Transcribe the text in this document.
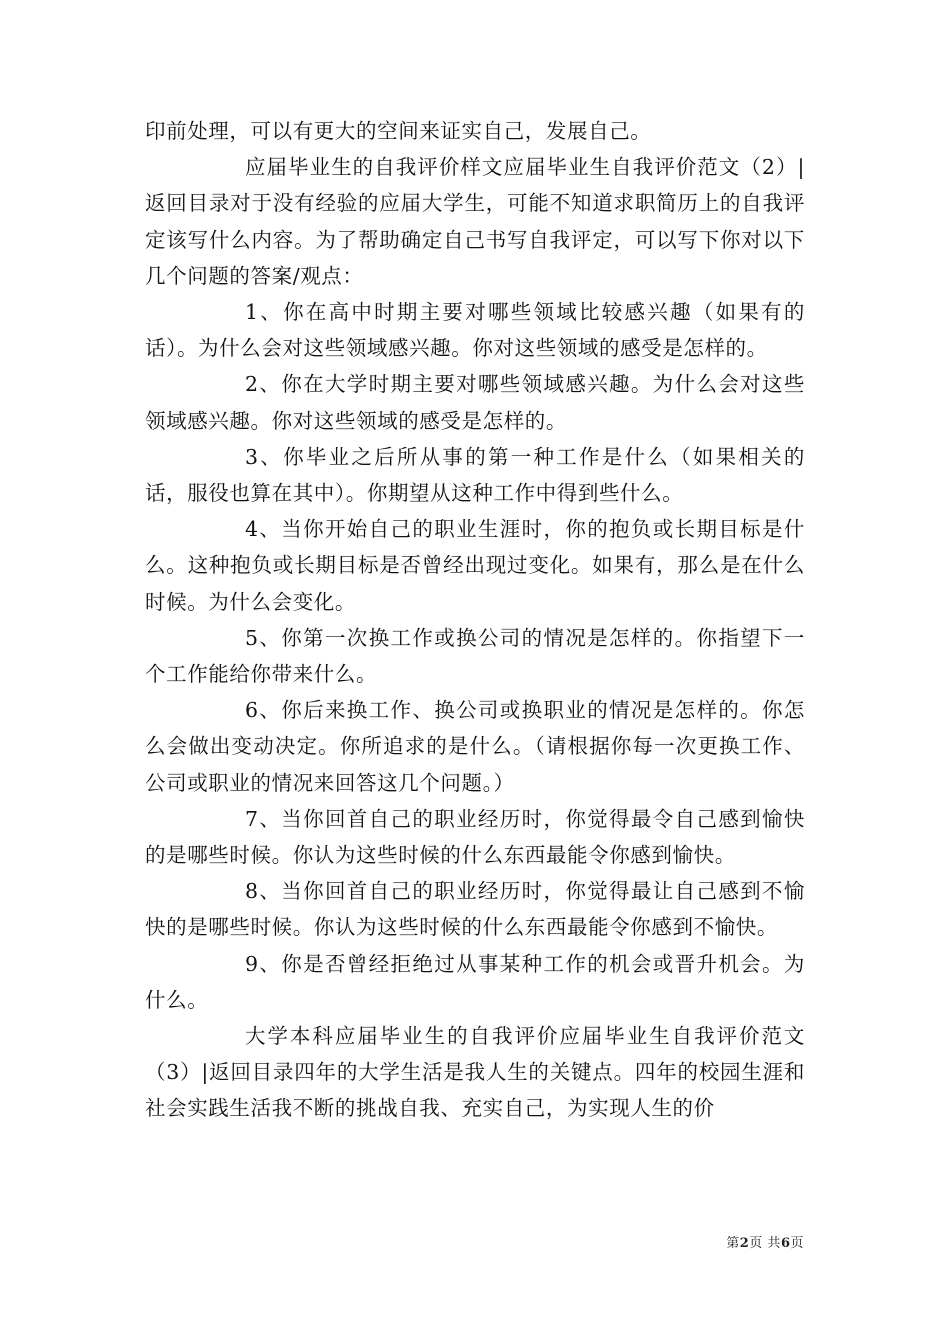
印前处理，可以有更大的空间来证实自己，发展自己。

应届毕业生的自我评价样文应届毕业生自我评价范文（2）|返回目录对于没有经验的应届大学生，可能不知道求职简历上的自我评定该写什么内容。为了帮助确定自己书写自我评定，可以写下你对以下几个问题的答案/观点：

1、你在高中时期主要对哪些领域比较感兴趣（如果有的话）。为什么会对这些领域感兴趣。你对这些领域的感受是怎样的。

2、你在大学时期主要对哪些领域感兴趣。为什么会对这些领域感兴趣。你对这些领域的感受是怎样的。

3、你毕业之后所从事的第一种工作是什么（如果相关的话，服役也算在其中）。你期望从这种工作中得到些什么。

4、当你开始自己的职业生涯时，你的抱负或长期目标是什么。这种抱负或长期目标是否曾经出现过变化。如果有，那么是在什么时候。为什么会变化。

5、你第一次换工作或换公司的情况是怎样的。你指望下一个工作能给你带来什么。

6、你后来换工作、换公司或换职业的情况是怎样的。你怎么会做出变动决定。你所追求的是什么。（请根据你每一次更换工作、公司或职业的情况来回答这几个问题。）

7、当你回首自己的职业经历时，你觉得最令自己感到愉快的是哪些时候。你认为这些时候的什么东西最能令你感到愉快。

8、当你回首自己的职业经历时，你觉得最让自己感到不愉快的是哪些时候。你认为这些时候的什么东西最能令你感到不愉快。

9、你是否曾经拒绝过从事某种工作的机会或晋升机会。为什么。

大学本科应届毕业生的自我评价应届毕业生自我评价范文（3）|返回目录四年的大学生活是我人生的关键点。四年的校园生涯和社会实践生活我不断的挑战自我、充实自己，为实现人生的价

第2页 共6页
